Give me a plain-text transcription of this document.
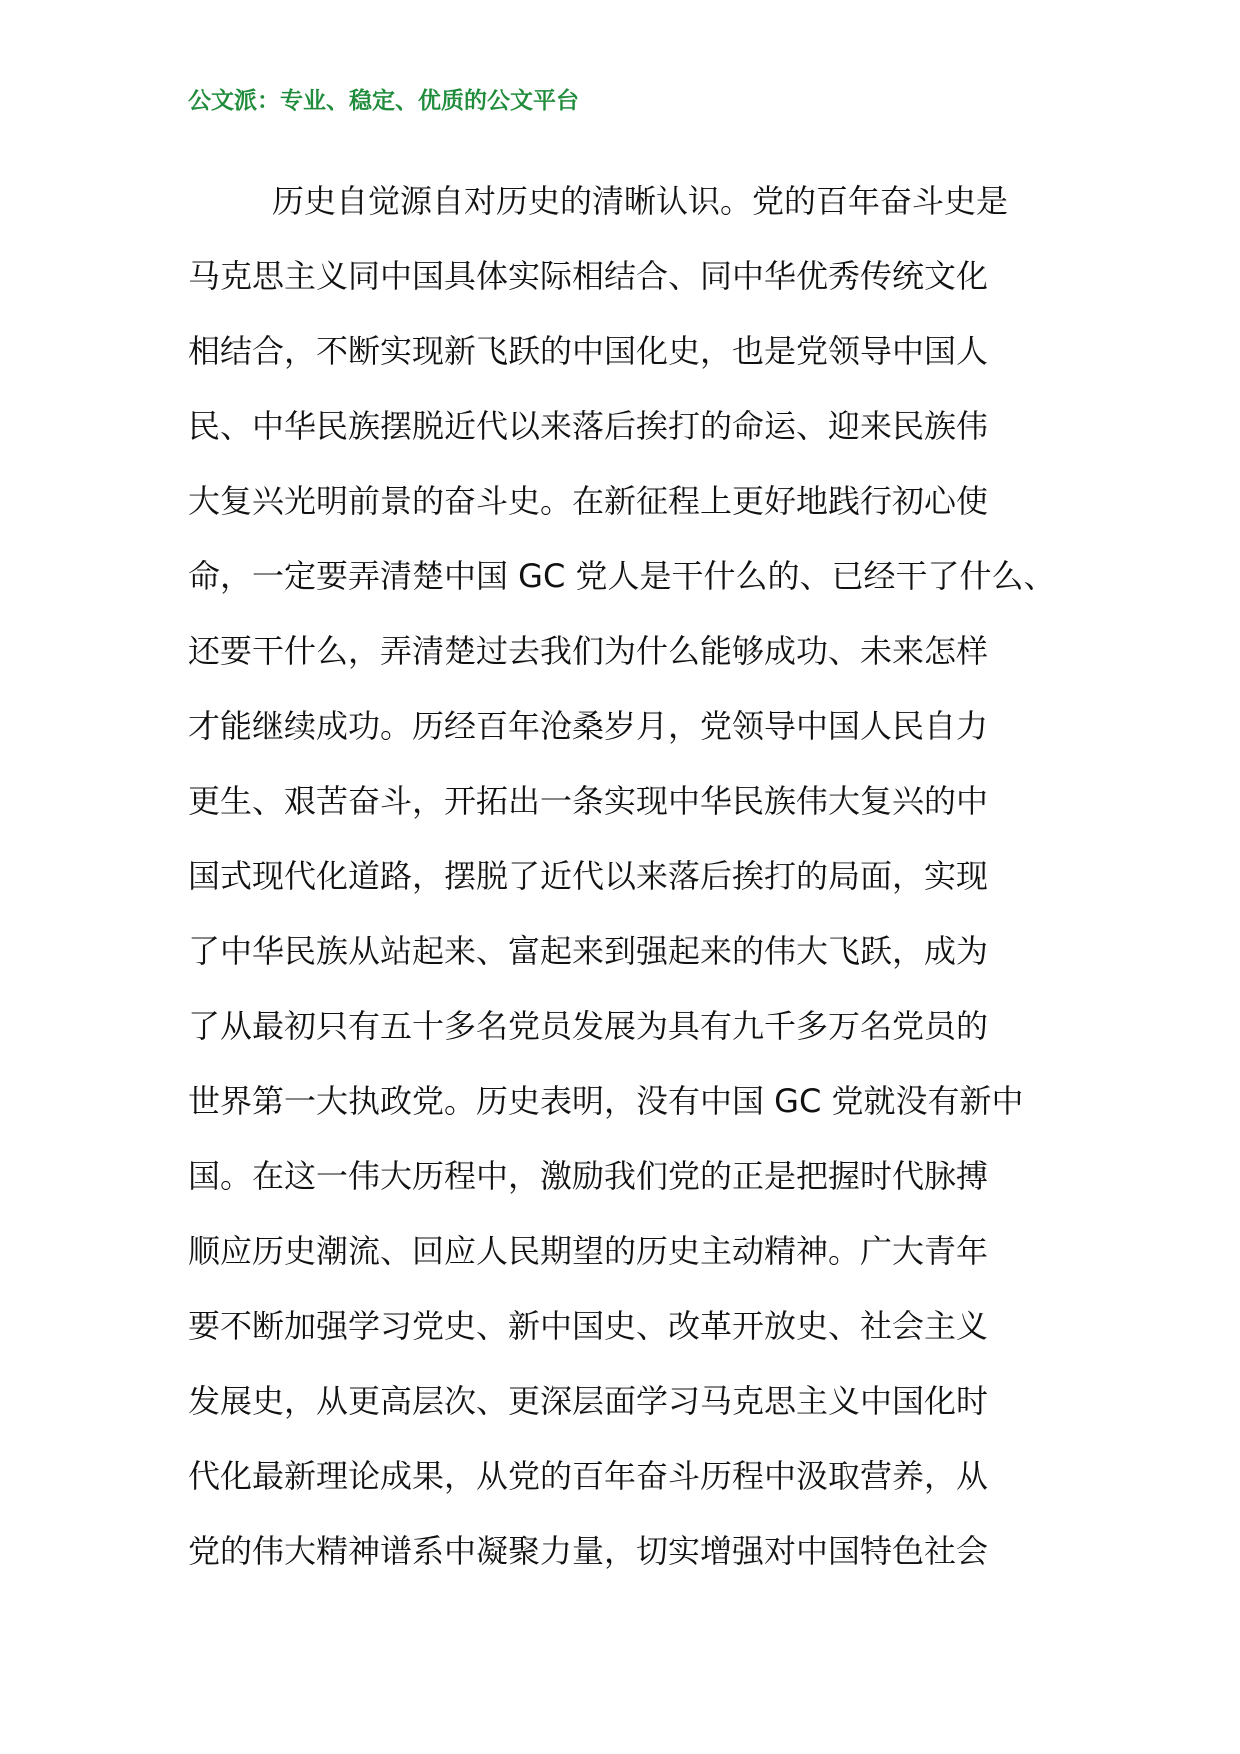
公文派：专业、稳定、优质的公文平台
历史自觉源自对历史的清晰认识。党的百年奋斗史是
马克思主义同中国具体实际相结合、同中华优秀传统文化
相结合，不断实现新飞跃的中国化史，也是党领导中国人
民、中华民族摆脱近代以来落后挨打的命运、迎来民族伟
大复兴光明前景的奋斗史。在新征程上更好地践行初心使
命，一定要弄清楚中国 GC 党人是干什么的、已经干了什么、
还要干什么，弄清楚过去我们为什么能够成功、未来怎样
才能继续成功。历经百年沧桑岁月，党领导中国人民自力
更生、艰苦奋斗，开拓出一条实现中华民族伟大复兴的中
国式现代化道路，摆脱了近代以来落后挨打的局面，实现
了中华民族从站起来、富起来到强起来的伟大飞跃，成为
了从最初只有五十多名党员发展为具有九千多万名党员的
世界第一大执政党。历史表明，没有中国 GC 党就没有新中
国。在这一伟大历程中，激励我们党的正是把握时代脉搏
顺应历史潮流、回应人民期望的历史主动精神。广大青年
要不断加强学习党史、新中国史、改革开放史、社会主义
发展史，从更高层次、更深层面学习马克思主义中国化时
代化最新理论成果，从党的百年奋斗历程中汲取营养，从
党的伟大精神谱系中凝聚力量，切实增强对中国特色社会
